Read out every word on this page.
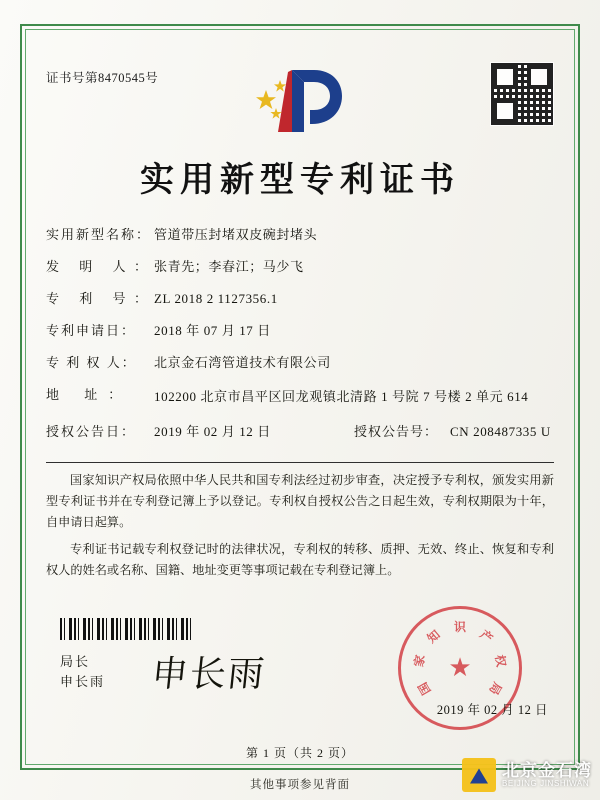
证书号第8470545号
实用新型专利证书
实用新型名称： 管道带压封堵双皮碗封堵头
发 明 人：
张青先；李春江；马少飞
专 利 号：
ZL 2018 2 1127356.1
专利申请日：	2018 年 07 月 17 日
专 利 权 人：	北京金石湾管道技术有限公司
地 址：	102200 北京市昌平区回龙观镇北清路 1 号院 7 号楼 2 单元 614
授权公告日：	2019 年 02 月 12 日	授权公告号： CN 208487335 U

国家知识产权局依照中华人民共和国专利法经过初步审查，决定授予专利权，颁发实用新型专利证书并在专利登记簿上予以登记。专利权自授权公告之日起生效，专利权期限为十年，自申请日起算。

专利证书记载专利权登记时的法律状况，专利权的转移、质押、无效、终止、恢复和专利权人的姓名或名称、国籍、地址变更等事项记载在专利登记簿上。

局长
申长雨 申长雨	★
国
家
知 识
产
权
局
2019 年 02 月 12 日
第 1 页（共 2 页）
其他事项参见背面
北京金石湾
BEIJING JINSHIWAN
